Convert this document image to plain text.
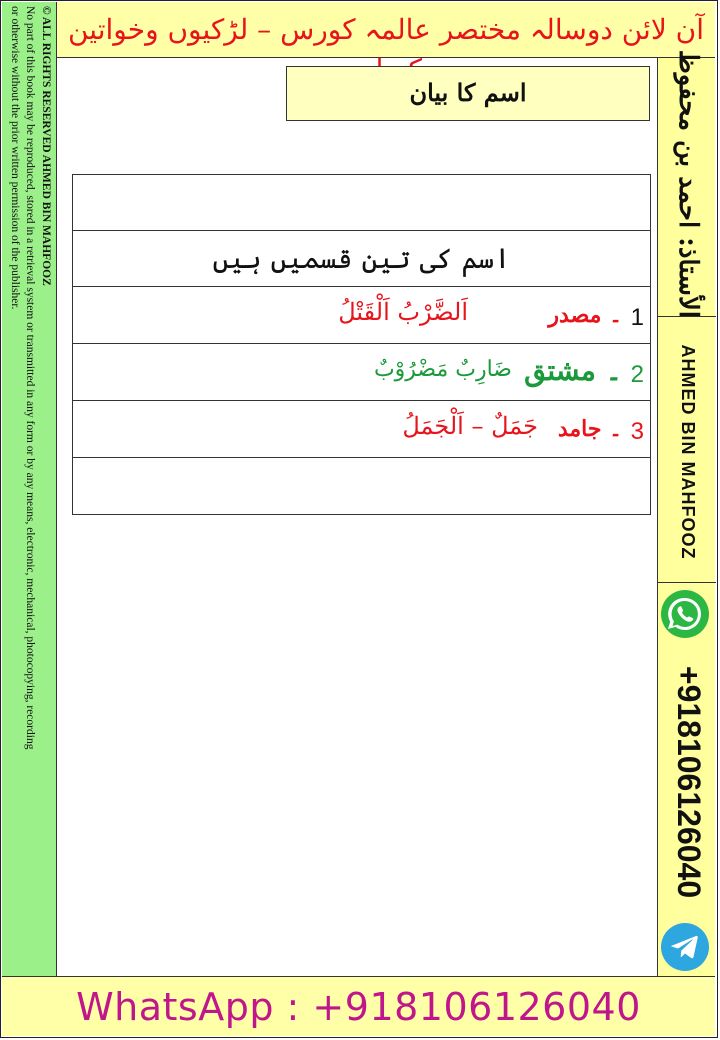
آن لائن دوسالہ مختصر عالمہ کورس – لڑکیوں وخواتین
© ALL RIGHTS RESERVED AHMED BIN MAHFOOZ
No part of this book may be reproduced, stored in a retrieval system or transmitted in any form or by any means, electronic, mechanical, photocopying, recording
or otherwise without the prior written permission of the publisher.	الأستاذ: احمد بن محفوظ
AHMED BIN MAHFOOZ
+918106126040
WhatsApp : +918106126040
اسم کا بیان
اسم کی تین قسمیں ہیں
1
۔ مصدر
اَلضَّرْبُ اَلْقَتْلُ
2
۔ مشتق
ضَارِبٌ مَضْرُوْبٌ
3
۔ جامد
جَمَلٌ – اَلْجَمَلُ
